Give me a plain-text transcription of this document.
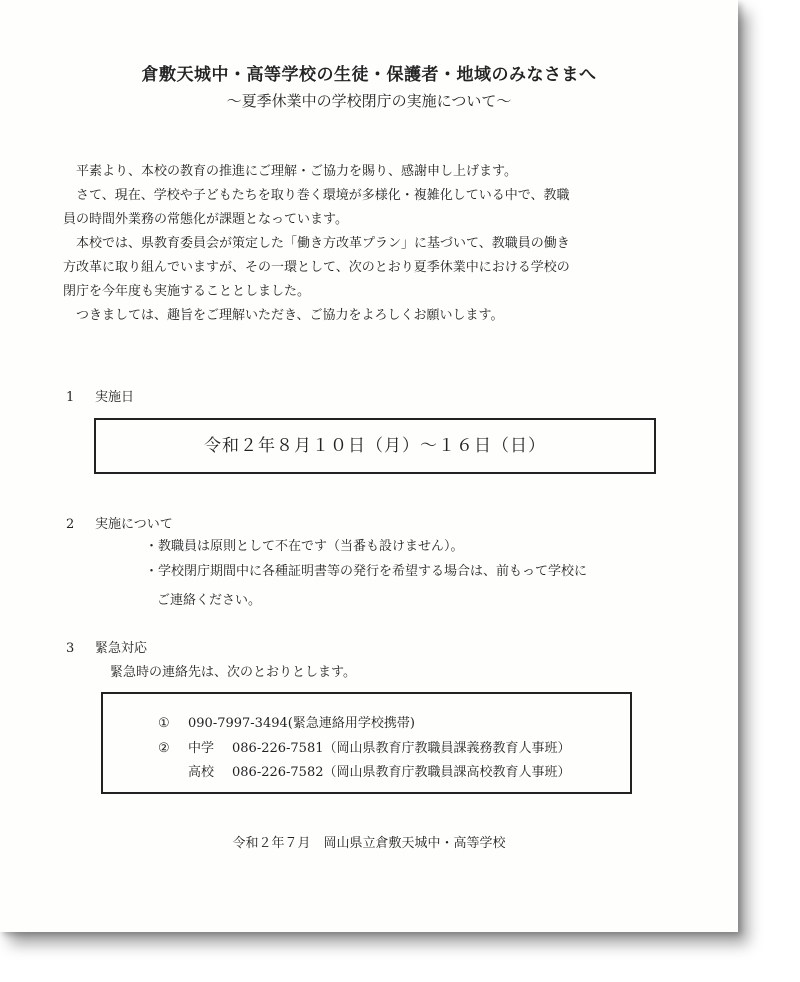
倉敷天城中・高等学校の生徒・保護者・地域のみなさまへ
〜夏季休業中の学校閉庁の実施について〜
　平素より、本校の教育の推進にご理解・ご協力を賜り、感謝申し上げます。
　さて、現在、学校や子どもたちを取り巻く環境が多様化・複雑化している中で、教職
員の時間外業務の常態化が課題となっています。
　本校では、県教育委員会が策定した「働き方改革プラン」に基づいて、教職員の働き
方改革に取り組んでいますが、その一環として、次のとおり夏季休業中における学校の
閉庁を今年度も実施することとしました。
　つきましては、趣旨をご理解いただき、ご協力をよろしくお願いします。
1 実施日
令和２年８月１０日（月）〜１６日（日）
2 実施について
・教職員は原則として不在です（当番も設けません）。
・学校閉庁期間中に各種証明書等の発行を希望する場合は、前もって学校に
ご連絡ください。
3 緊急対応
緊急時の連絡先は、次のとおりとします。
① 090-7997-3494(緊急連絡用学校携帯)
② 中学 086-226-7581（岡山県教育庁教職員課義務教育人事班）
高校 086-226-7582（岡山県教育庁教職員課高校教育人事班）
令和２年７月　岡山県立倉敷天城中・高等学校
